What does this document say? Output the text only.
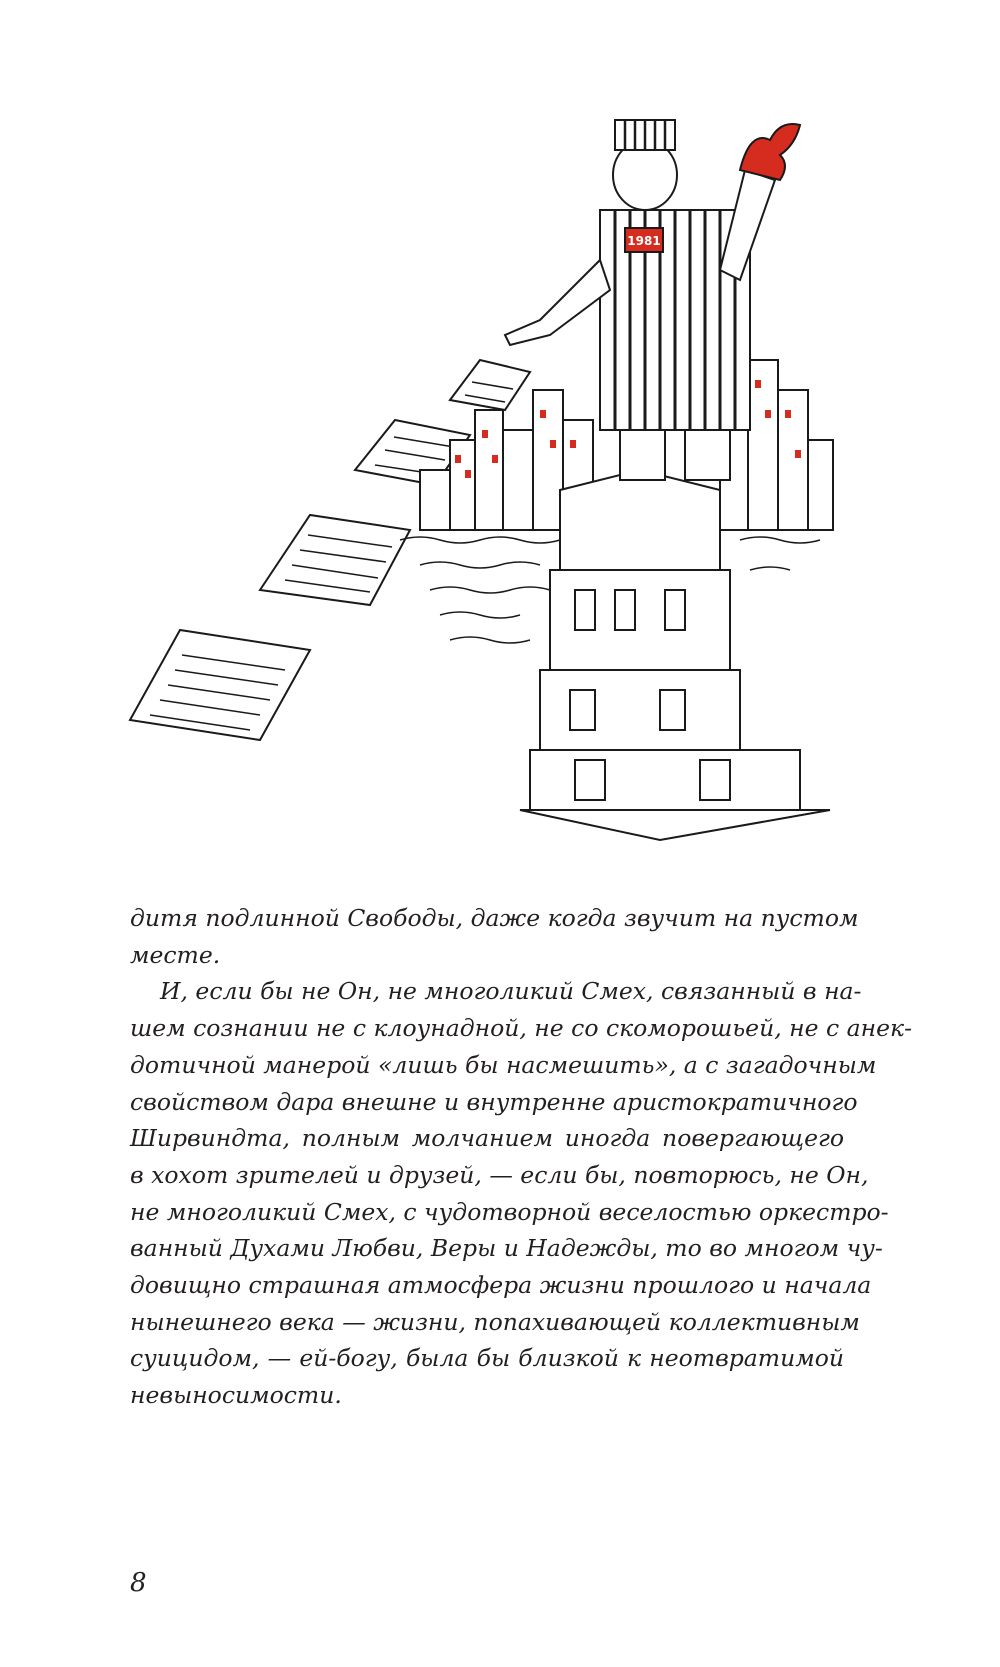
1981

дитя подлинной Свободы, даже когда звучит на пустом
месте.

И, если бы не Он, не многоликий Смех, связанный в на-
шем сознании не с клоунадной, не со скоморошьей, не с анек-
дотичной манерой «лишь бы насмешить», а с загадочным
свойством дара внешне и внутренне аристократичного
Ширвиндта, полным молчанием иногда повергающего
в хохот зрителей и друзей, — если бы, повторюсь, не Он,
не многоликий Смех, с чудотворной веселостью оркестро-
ванный Духами Любви, Веры и Надежды, то во многом чу-
довищно страшная атмосфера жизни прошлого и начала
нынешнего века — жизни, попахивающей коллективным
суицидом, — ей-богу, была бы близкой к неотвратимой
невыносимости.

8
